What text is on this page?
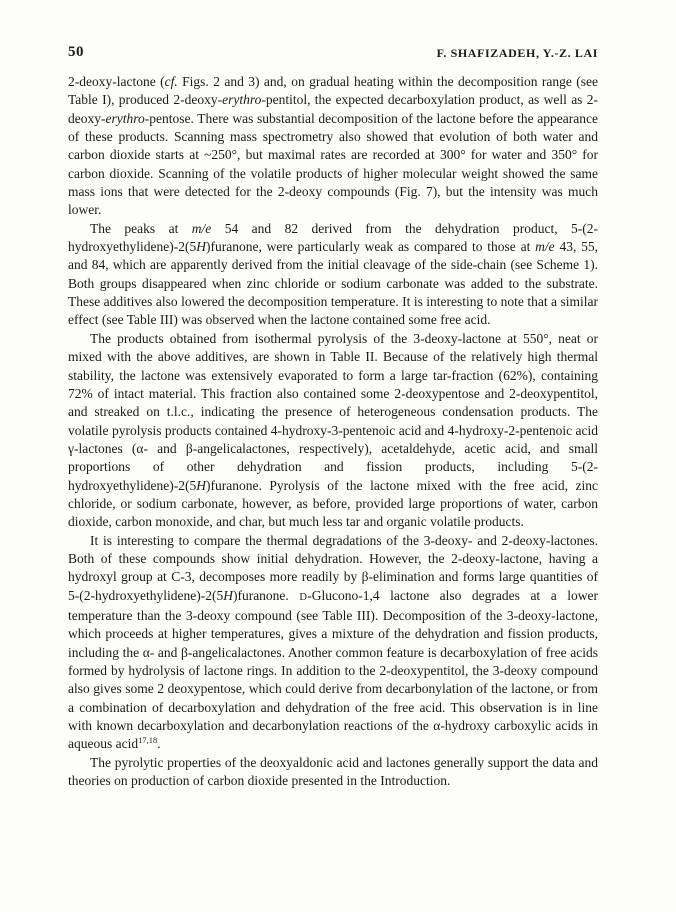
50	F. SHAFIZADEH, Y.-Z. LAI

2-deoxy-lactone (cf. Figs. 2 and 3) and, on gradual heating within the decomposition range (see Table I), produced 2-deoxy-erythro-pentitol, the expected decarboxylation product, as well as 2-deoxy-erythro-pentose. There was substantial decomposition of the lactone before the appearance of these products. Scanning mass spectrometry also showed that evolution of both water and carbon dioxide starts at ~250°, but maximal rates are recorded at 300° for water and 350° for carbon dioxide. Scanning of the volatile products of higher molecular weight showed the same mass ions that were detected for the 2-deoxy compounds (Fig. 7), but the intensity was much lower.

The peaks at m/e 54 and 82 derived from the dehydration product, 5-(2-hydroxyethylidene)-2(5H)furanone, were particularly weak as compared to those at m/e 43, 55, and 84, which are apparently derived from the initial cleavage of the side-chain (see Scheme 1). Both groups disappeared when zinc chloride or sodium carbonate was added to the substrate. These additives also lowered the decomposition temperature. It is interesting to note that a similar effect (see Table III) was observed when the lactone contained some free acid.

The products obtained from isothermal pyrolysis of the 3-deoxy-lactone at 550°, neat or mixed with the above additives, are shown in Table II. Because of the relatively high thermal stability, the lactone was extensively evaporated to form a large tar-fraction (62%), containing 72% of intact material. This fraction also contained some 2-deoxypentose and 2-deoxypentitol, and streaked on t.l.c., indicating the presence of heterogeneous condensation products. The volatile pyrolysis products contained 4-hydroxy-3-pentenoic acid and 4-hydroxy-2-pentenoic acid γ-lactones (α- and β-angelicalactones, respectively), acetaldehyde, acetic acid, and small proportions of other dehydration and fission products, including 5-(2-hydroxyethylidene)-2(5H)furanone. Pyrolysis of the lactone mixed with the free acid, zinc chloride, or sodium carbonate, however, as before, provided large proportions of water, carbon dioxide, carbon monoxide, and char, but much less tar and organic volatile products.

It is interesting to compare the thermal degradations of the 3-deoxy- and 2-deoxy-lactones. Both of these compounds show initial dehydration. However, the 2-deoxy-lactone, having a hydroxyl group at C-3, decomposes more readily by β-elimination and forms large quantities of 5-(2-hydroxyethylidene)-2(5H)furanone. D-Glucono-1,4 lactone also degrades at a lower temperature than the 3-deoxy compound (see Table III). Decomposition of the 3-deoxy-lactone, which proceeds at higher temperatures, gives a mixture of the dehydration and fission products, including the α- and β-angelicalactones. Another common feature is decarboxylation of free acids formed by hydrolysis of lactone rings. In addition to the 2-deoxypentitol, the 3-deoxy compound also gives some 2 deoxypentose, which could derive from decarbonylation of the lactone, or from a combination of decarboxylation and dehydration of the free acid. This observation is in line with known decarboxylation and decarbonylation reactions of the α-hydroxy carboxylic acids in aqueous acid$^{17,18}$.

The pyrolytic properties of the deoxyaldonic acid and lactones generally support the data and theories on production of carbon dioxide presented in the Introduction.
